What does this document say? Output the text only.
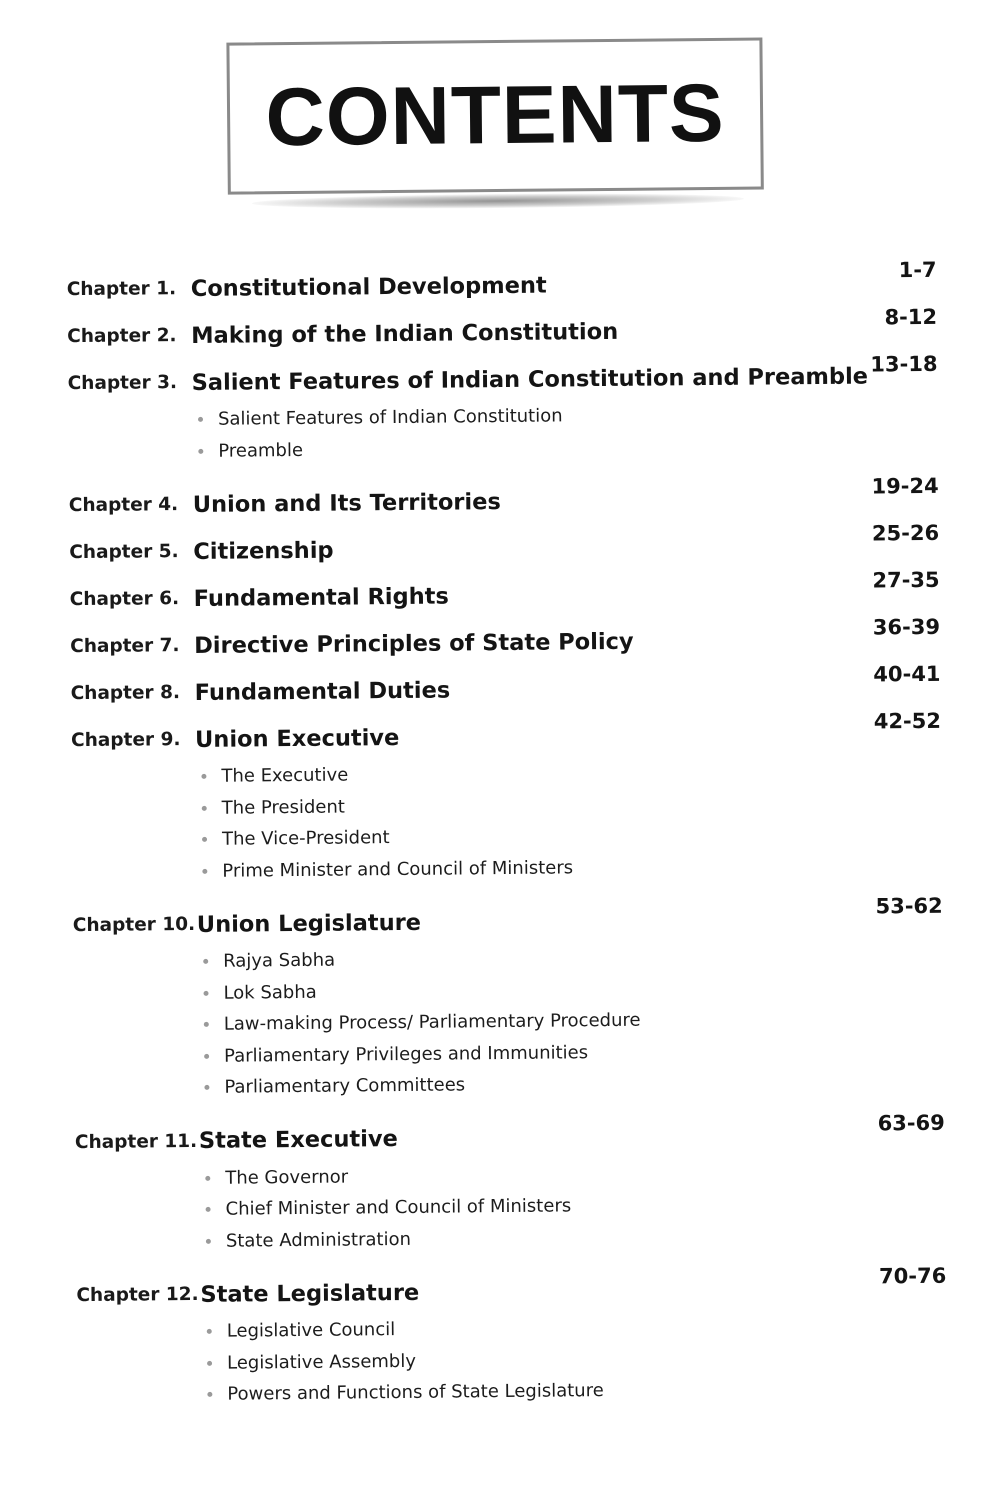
CONTENTS
Chapter 1. Constitutional Development
1-7
Chapter 2. Making of the Indian Constitution
8-12
Chapter 3. Salient Features of Indian Constitution and Preamble 13-18
Salient Features of Indian Constitution
Preamble
Chapter 4. Union and Its Territories
19-24
Chapter 5. Citizenship
25-26
Chapter 6. Fundamental Rights
27-35
Chapter 7. Directive Principles of State Policy
36-39
Chapter 8. Fundamental Duties
40-41
Chapter 9. Union Executive
42-52
The Executive
The President
The Vice-President
Prime Minister and Council of Ministers
Chapter 10. Union Legislature
53-62
Rajya Sabha
Lok Sabha
Law-making Process/ Parliamentary Procedure
Parliamentary Privileges and Immunities
Parliamentary Committees
Chapter 11. State Executive
63-69
The Governor
Chief Minister and Council of Ministers
State Administration
Chapter 12. State Legislature
70-76
Legislative Council
Legislative Assembly
Powers and Functions of State Legislature
